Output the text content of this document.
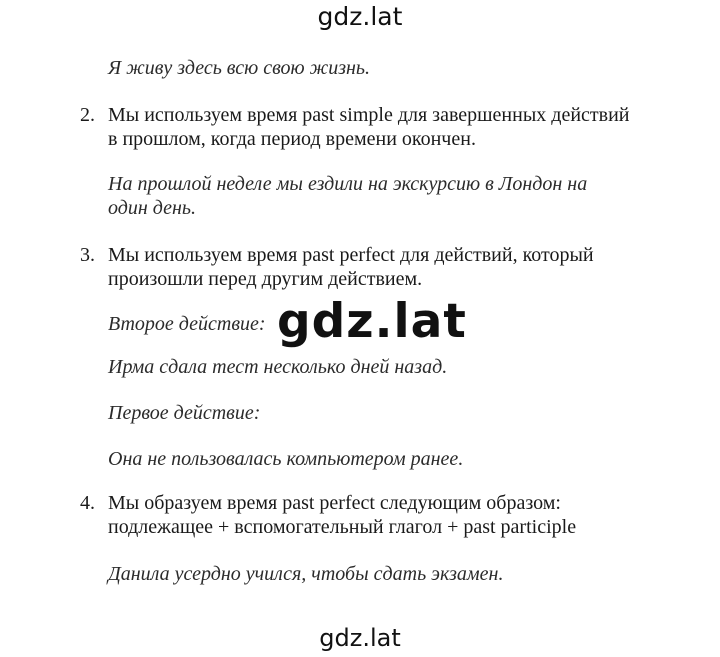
gdz.lat
Я живу здесь всю свою жизнь.
2. Мы используем время past simple для завершенных действий
в прошлом, когда период времени окончен.
На прошлой неделе мы ездили на экскурсию в Лондон на
один день.
3. Мы используем время past perfect для действий, который
произошли перед другим действием.
Второе действие:
Ирма сдала тест несколько дней назад.
Первое действие:
Она не пользовалась компьютером ранее.
gdz.lat
4. Мы образуем время past perfect следующим образом:
подлежащее + вспомогательный глагол + past participle
Данила усердно учился, чтобы сдать экзамен.
gdz.lat
